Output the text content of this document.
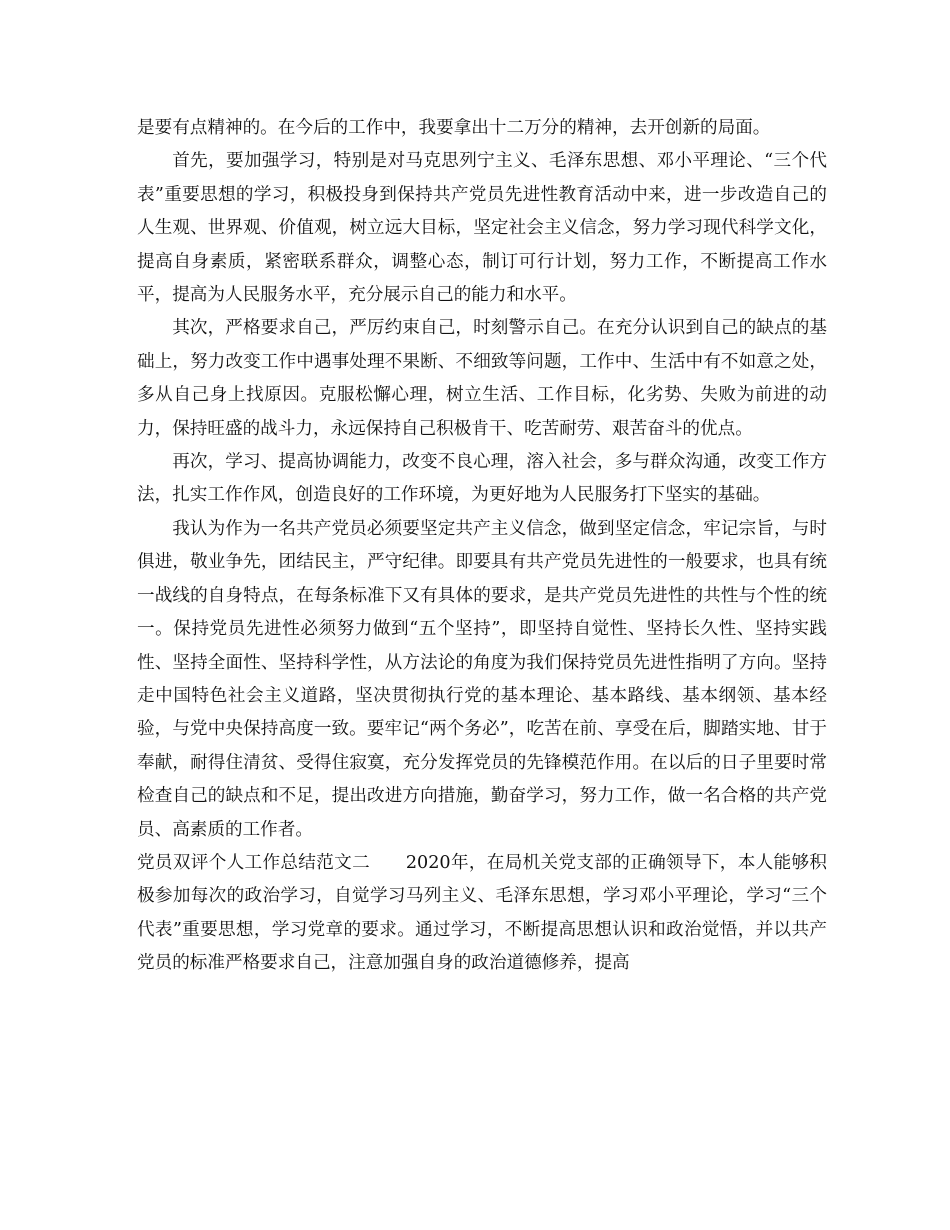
是要有点精神的。在今后的工作中，我要拿出十二万分的精神，去开创新的局面。

首先，要加强学习，特别是对马克思列宁主义、毛泽东思想、邓小平理论、“三个代表”重要思想的学习，积极投身到保持共产党员先进性教育活动中来，进一步改造自己的人生观、世界观、价值观，树立远大目标，坚定社会主义信念，努力学习现代科学文化，提高自身素质，紧密联系群众，调整心态，制订可行计划，努力工作，不断提高工作水平，提高为人民服务水平，充分展示自己的能力和水平。

其次，严格要求自己，严厉约束自己，时刻警示自己。在充分认识到自己的缺点的基础上，努力改变工作中遇事处理不果断、不细致等问题，工作中、生活中有不如意之处，多从自己身上找原因。克服松懈心理，树立生活、工作目标，化劣势、失败为前进的动力，保持旺盛的战斗力，永远保持自己积极肯干、吃苦耐劳、艰苦奋斗的优点。

再次，学习、提高协调能力，改变不良心理，溶入社会，多与群众沟通，改变工作方法，扎实工作作风，创造良好的工作环境，为更好地为人民服务打下坚实的基础。

我认为作为一名共产党员必须要坚定共产主义信念，做到坚定信念，牢记宗旨，与时俱进，敬业争先，团结民主，严守纪律。即要具有共产党员先进性的一般要求，也具有统一战线的自身特点，在每条标准下又有具体的要求，是共产党员先进性的共性与个性的统一。保持党员先进性必须努力做到“五个坚持”，即坚持自觉性、坚持长久性、坚持实践性、坚持全面性、坚持科学性，从方法论的角度为我们保持党员先进性指明了方向。坚持走中国特色社会主义道路，坚决贯彻执行党的基本理论、基本路线、基本纲领、基本经验，与党中央保持高度一致。要牢记“两个务必”，吃苦在前、享受在后，脚踏实地、甘于奉献，耐得住清贫、受得住寂寞，充分发挥党员的先锋模范作用。在以后的日子里要时常检查自己的缺点和不足，提出改进方向措施，勤奋学习，努力工作，做一名合格的共产党员、高素质的工作者。

党员双评个人工作总结范文二　　2020年，在局机关党支部的正确领导下，本人能够积极参加每次的政治学习，自觉学习马列主义、毛泽东思想，学习邓小平理论，学习“三个代表”重要思想，学习党章的要求。通过学习，不断提高思想认识和政治觉悟，并以共产党员的标准严格要求自己，注意加强自身的政治道德修养，提高
